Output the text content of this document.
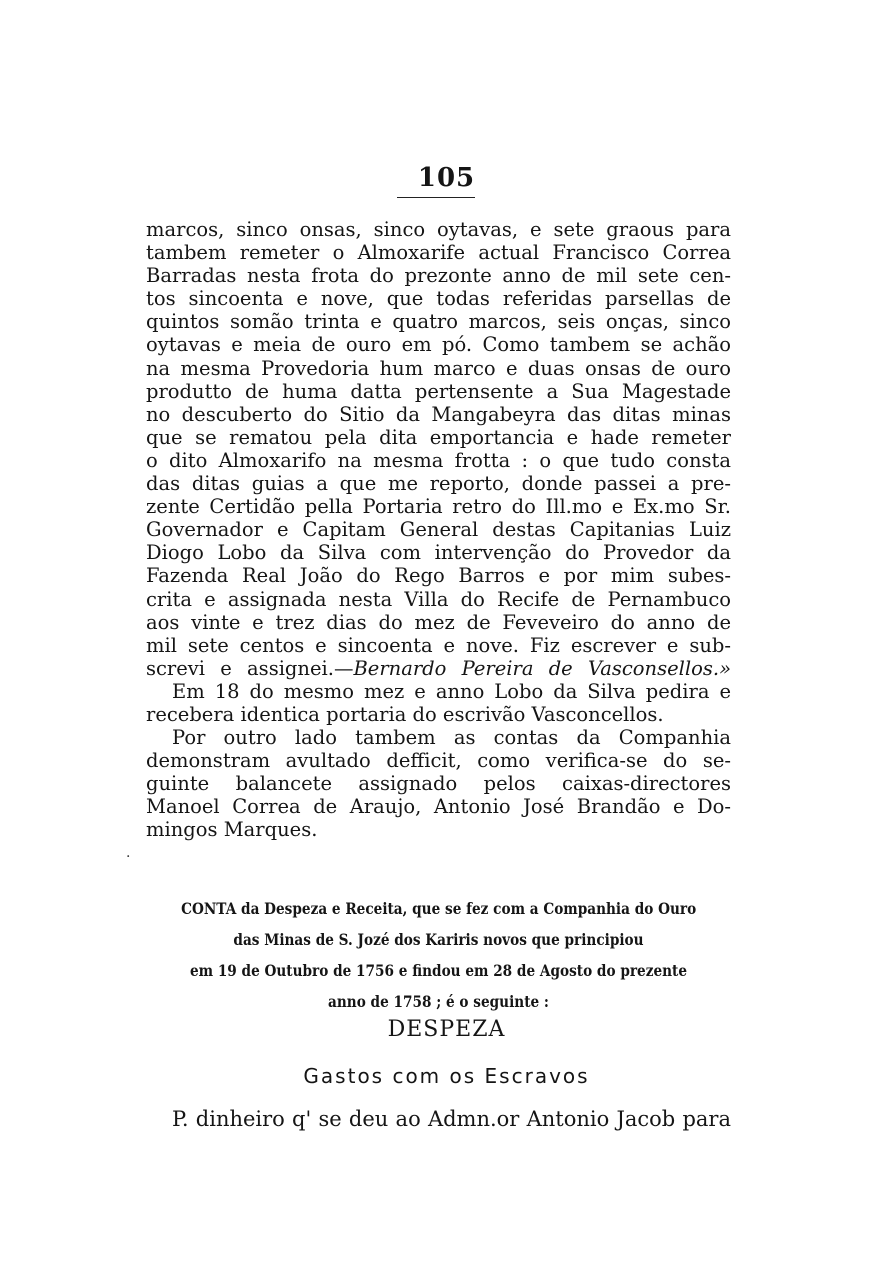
105
marcos, sinco onsas, sinco oytavas, e sete graous para
tambem remeter o Almoxarife actual Francisco Correa
Barradas nesta frota do prezonte anno de mil sete cen-
tos sincoenta e nove, que todas referidas parsellas de
quintos somão trinta e quatro marcos, seis onças, sinco
oytavas e meia de ouro em pó. Como tambem se achão
na mesma Provedoria hum marco e duas onsas de ouro
produtto de huma datta pertensente a Sua Magestade
no descuberto do Sitio da Mangabeyra das ditas minas
que se rematou pela dita emportancia e hade remeter
o dito Almoxarifo na mesma frotta : o que tudo consta
das ditas guias a que me reporto, donde passei a pre-
zente Certidão pella Portaria retro do Ill.mo e Ex.mo Sr.
Governador e Capitam General destas Capitanias Luiz
Diogo Lobo da Silva com intervenção do Provedor da
Fazenda Real João do Rego Barros e por mim subes-
crita e assignada nesta Villa do Recife de Pernambuco
aos vinte e trez dias do mez de Feveveiro do anno de
mil sete centos e sincoenta e nove. Fiz escrever e sub-
screvi e assignei.—Bernardo Pereira de Vasconsellos.»
Em 18 do mesmo mez e anno Lobo da Silva pedira e
recebera identica portaria do escrivão Vasconcellos.
Por outro lado tambem as contas da Companhia
demonstram avultado defficit, como verifica-se do se-
guinte balancete assignado pelos caixas-directores
Manoel Correa de Araujo, Antonio José Brandão e Do-
mingos Marques.
·
CONTA da Despeza e Receita, que se fez com a Companhia do Ouro
das Minas de S. Jozé dos Kariris novos que principiou
em 19 de Outubro de 1756 e findou em 28 de Agosto do prezente
anno de 1758 ; é o seguinte :
DESPEZA
Gastos com os Escravos
P. dinheiro q' se deu ao Admn.or Antonio Jacob para
